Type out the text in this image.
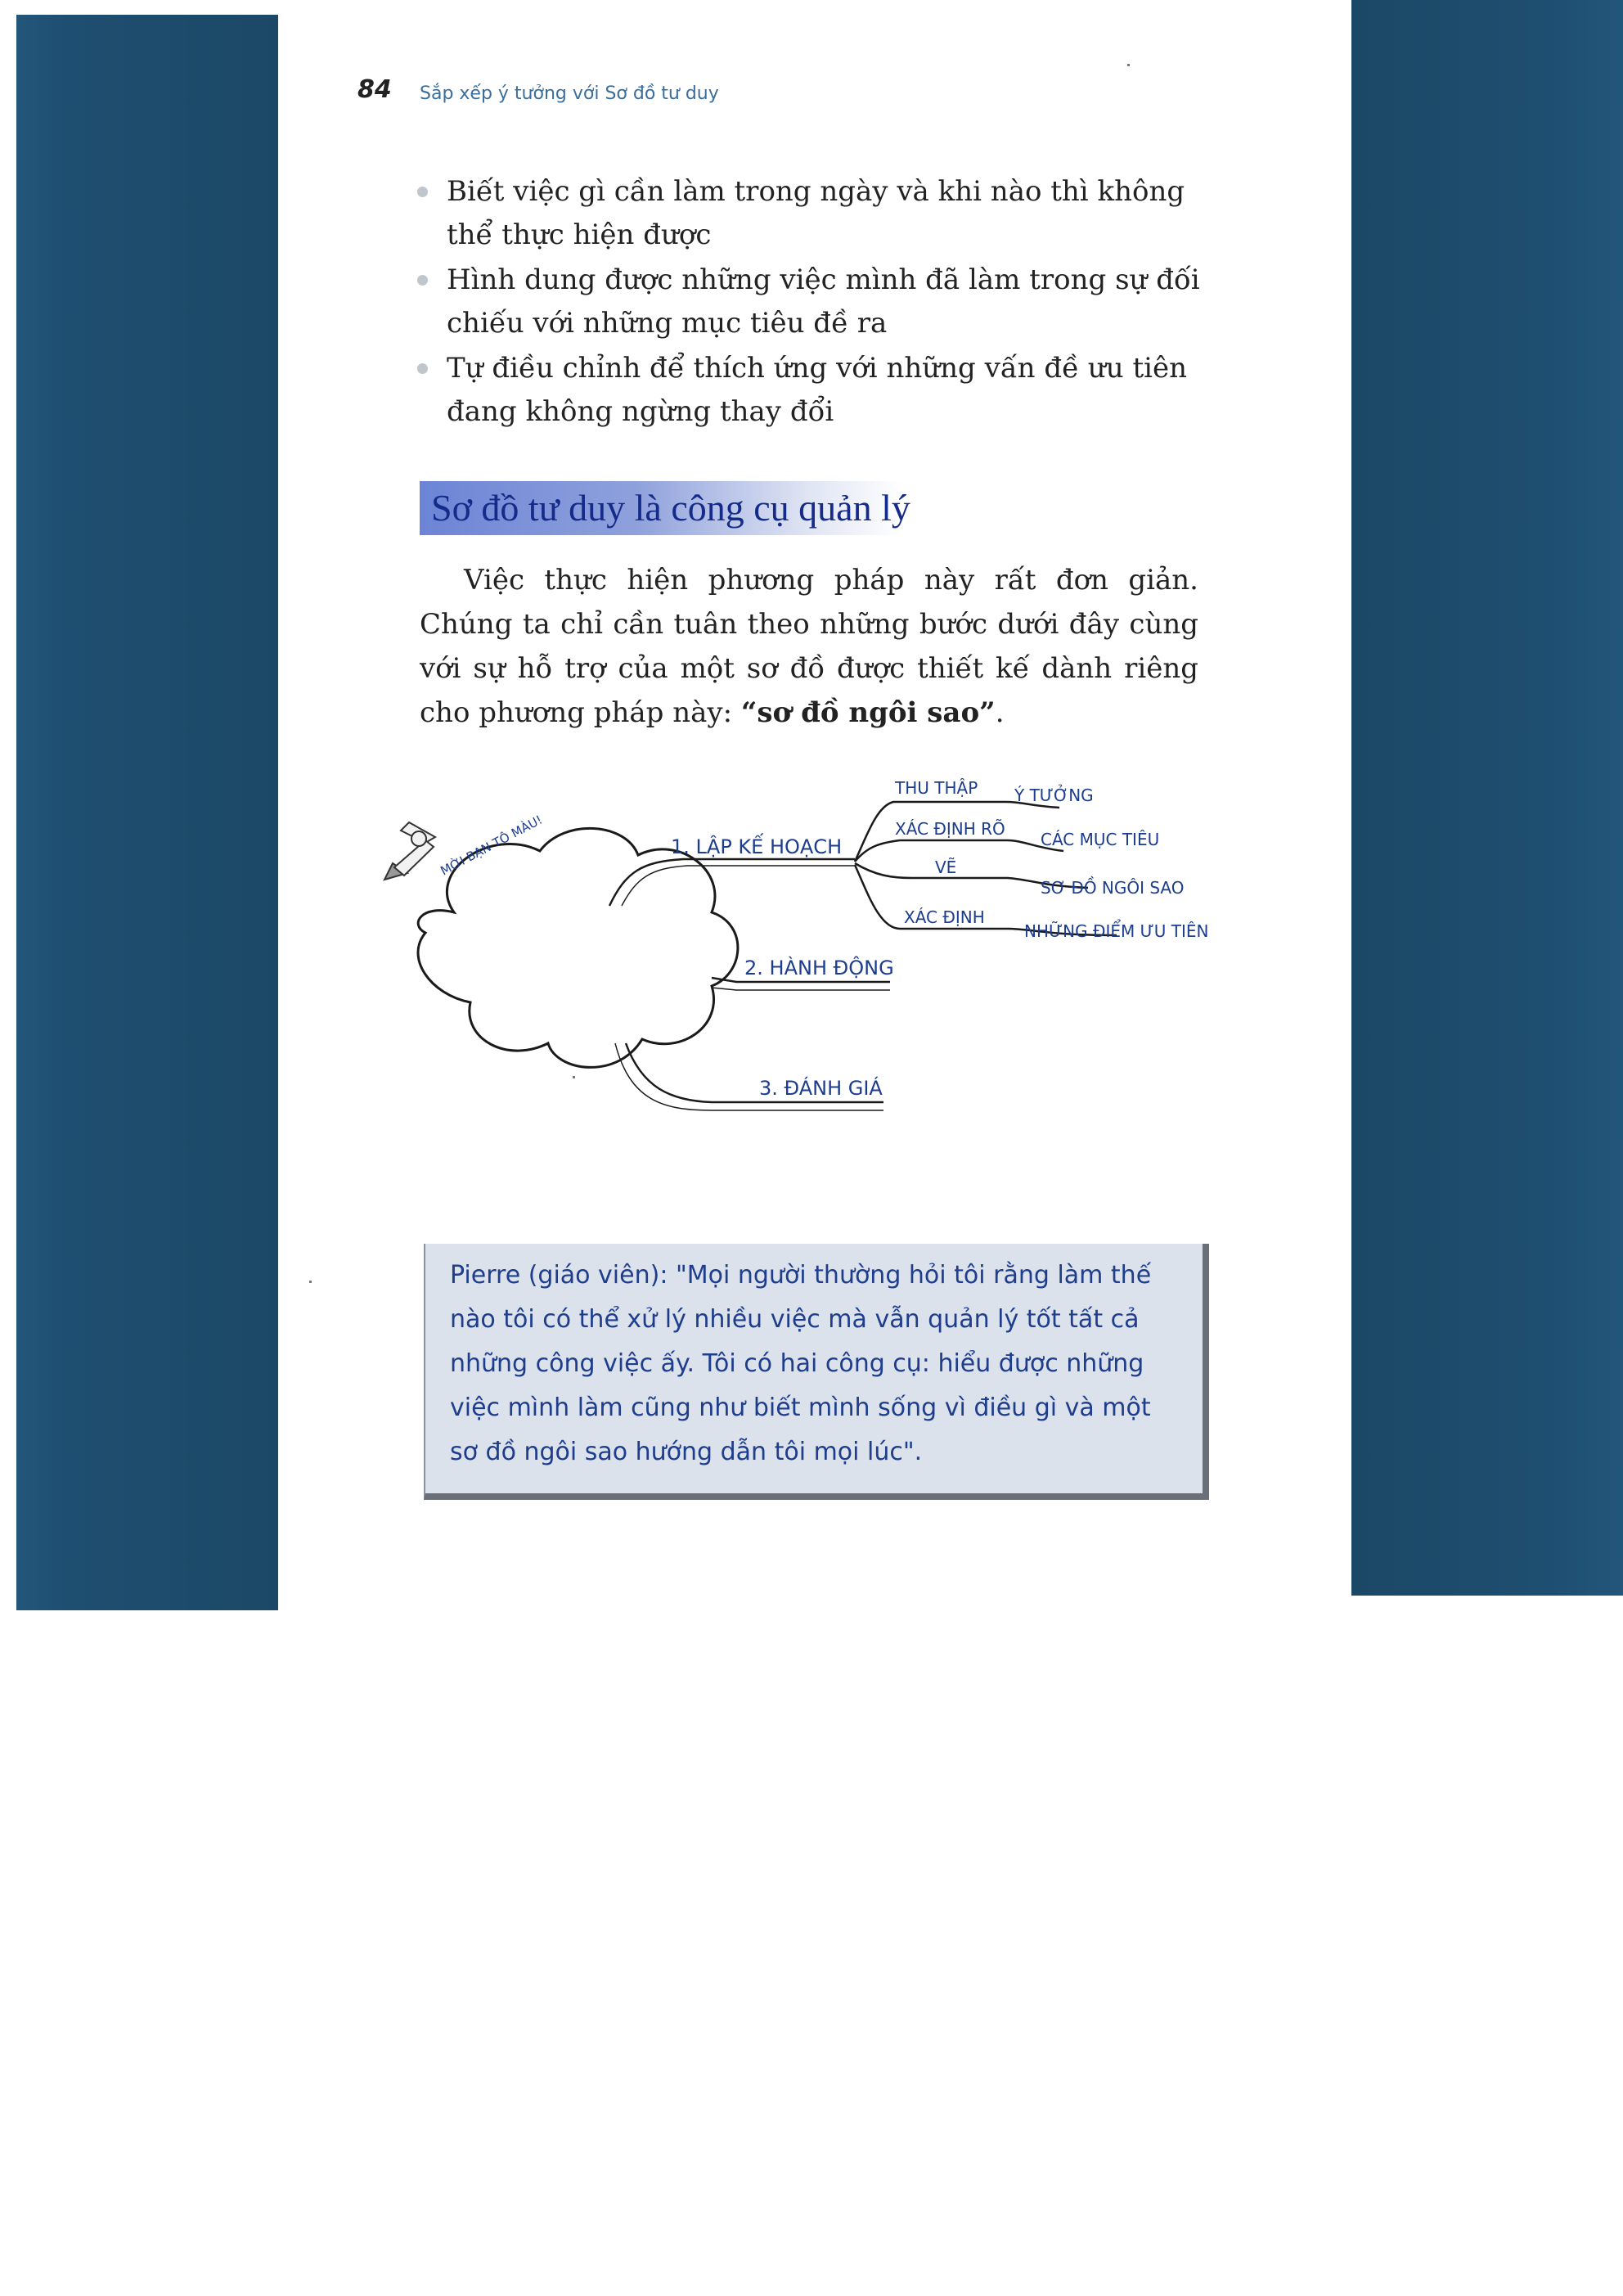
84 Sắp xếp ý tưởng với Sơ đồ tư duy
Biết việc gì cần làm trong ngày và khi nào thì không thể thực hiện được
Hình dung được những việc mình đã làm trong sự đối chiếu với những mục tiêu đề ra
Tự điều chỉnh để thích ứng với những vấn đề ưu tiên đang không ngừng thay đổi
Sơ đồ tư duy là công cụ quản lý
Việc thực hiện phương pháp này rất đơn giản. Chúng ta chỉ cần tuân theo những bước dưới đây cùng với sự hỗ trợ của một sơ đồ được thiết kế dành riêng cho phương pháp này: “sơ đồ ngôi sao”.
MỜI BẠN TÔ MÀU!	1. LẬP KẾ HOẠCH
THU THẬP Ý TƯỞNG
XÁC ĐỊNH RÕ
CÁC MỤC TIÊU
VẼ
SƠ ĐỒ NGÔI SAO
XÁC ĐỊNH
NHỮNG ĐIỂM ƯU TIÊN
2. HÀNH ĐỘNG
3. ĐÁNH GIÁ

Pierre (giáo viên): "Mọi người thường hỏi tôi rằng làm thế nào tôi có thể xử lý nhiều việc mà vẫn quản lý tốt tất cả những công việc ấy. Tôi có hai công cụ: hiểu được những việc mình làm cũng như biết mình sống vì điều gì và một sơ đồ ngôi sao hướng dẫn tôi mọi lúc".
